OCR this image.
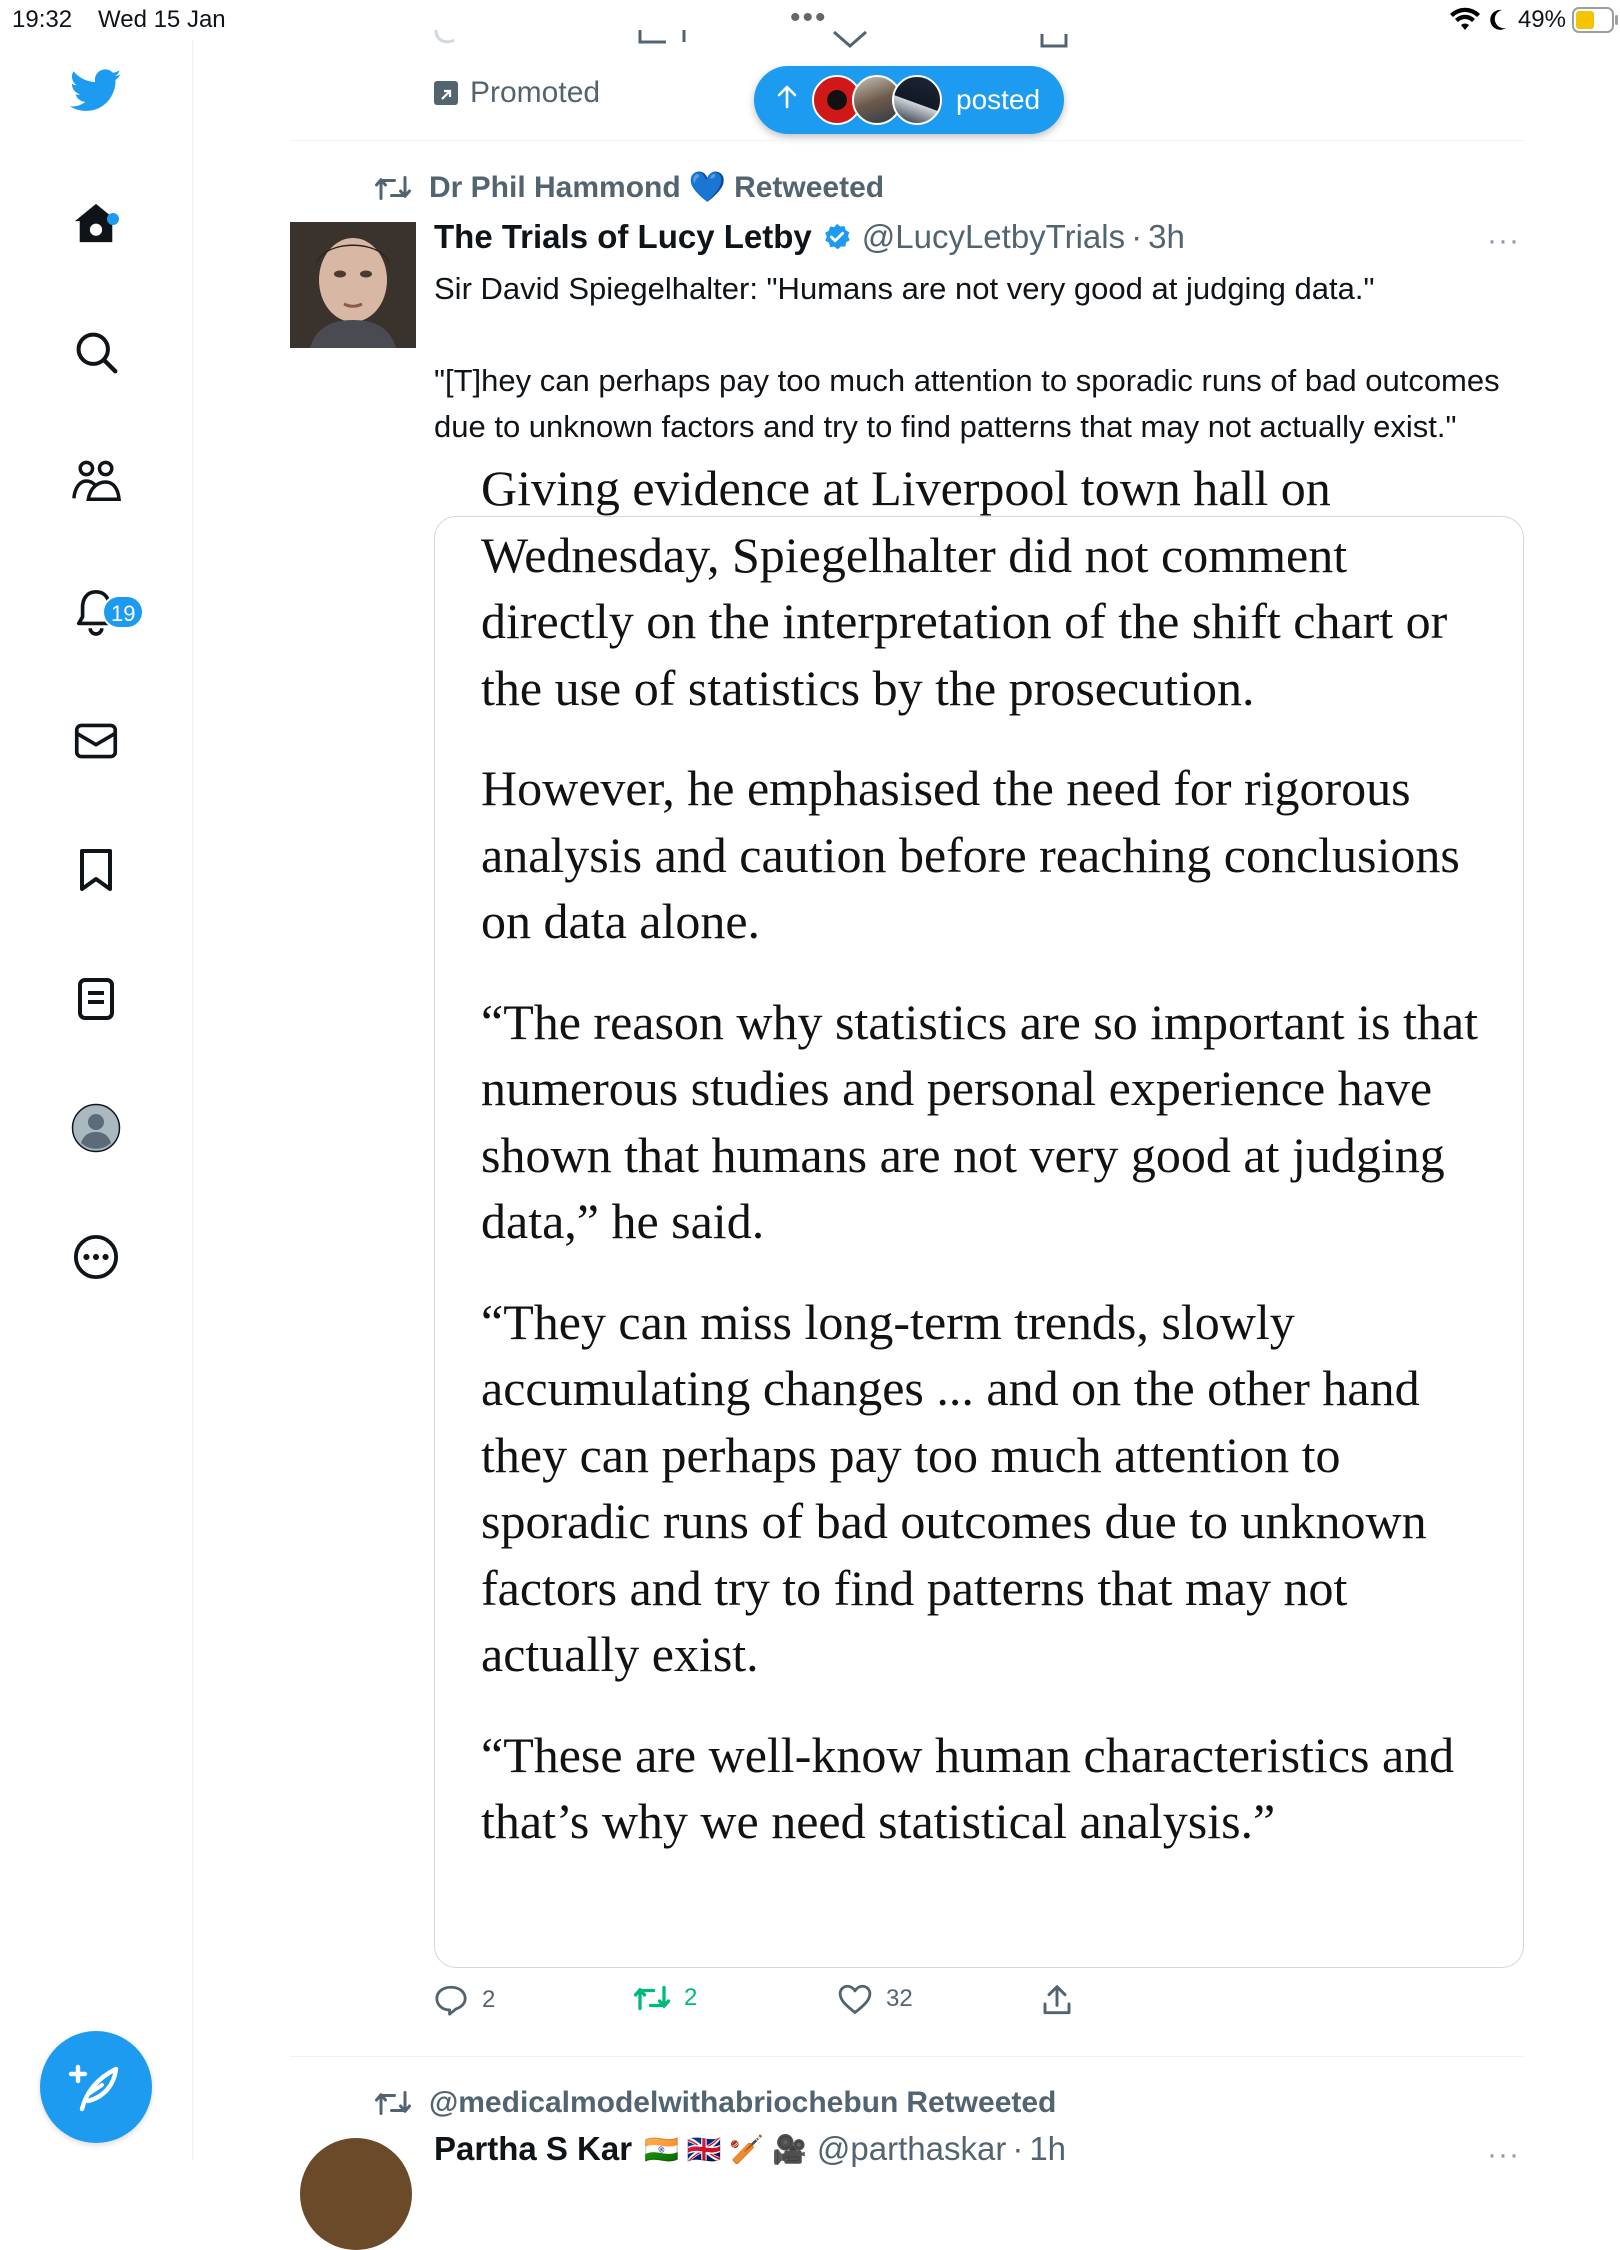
19:32 Wed 15 Jan	•••	49%
19
Promoted	posted
Dr Phil Hammond 💙 Retweeted
The Trials of Lucy Letby @LucyLetbyTrials · 3h	···
Sir David Spiegelhalter: "Humans are not very good at judging data."
"[T]hey can perhaps pay too much attention to sporadic runs of bad outcomes due to unknown factors and try to find patterns that may not actually exist."

Giving evidence at Liverpool town hall on

Wednesday, Spiegelhalter did not comment directly on the interpretation of the shift chart or the use of statistics by the prosecution.

However, he emphasised the need for rigorous analysis and caution before reaching conclusions on data alone.

“The reason why statistics are so important is that numerous studies and personal experience have shown that humans are not very good at judging data,” he said.

“They can miss long-term trends, slowly accumulating changes ... and on the other hand they can perhaps pay too much attention to sporadic runs of bad outcomes due to unknown factors and try to find patterns that may not actually exist.

“These are well-know human characteristics and that’s why we need statistical analysis.”

2	2	32
@medicalmodelwithabriochebun Retweeted
Partha S Kar 🇮🇳 🇬🇧 🏏 🎥 @parthaskar · 1h	···
